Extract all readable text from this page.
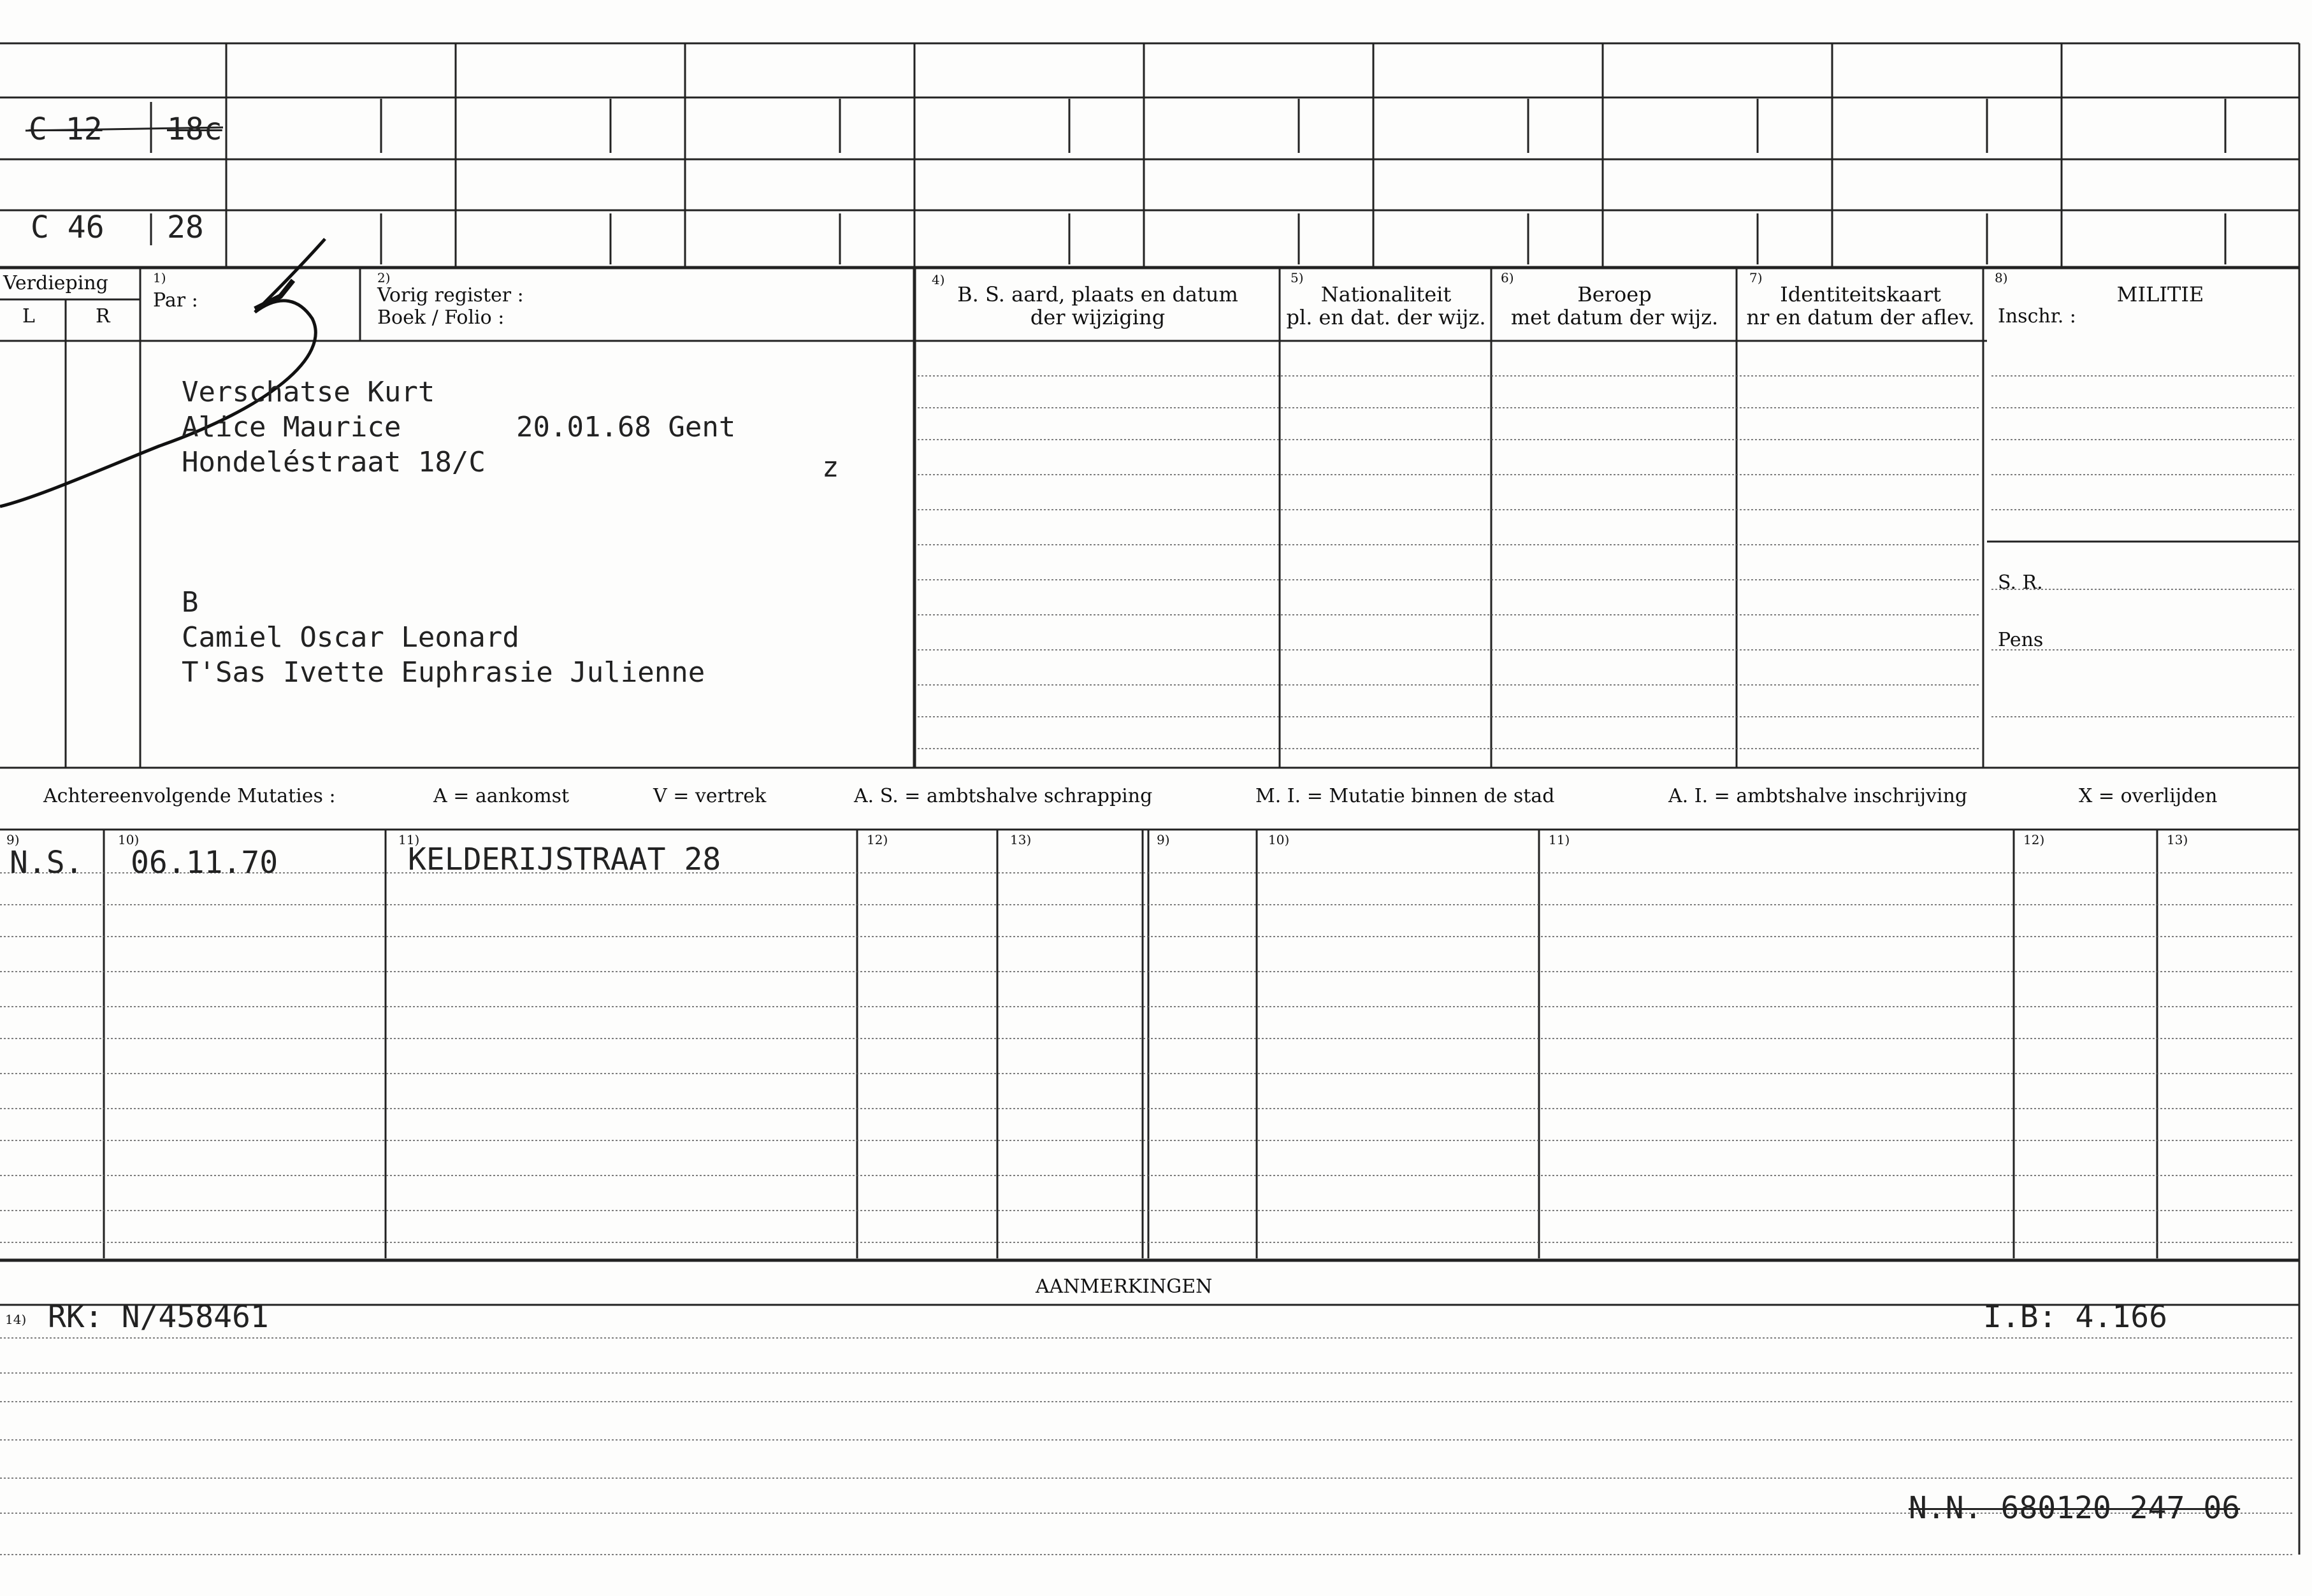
C 12 18c
C 46 28
Verdieping
L	R
1)
Par :
2)
Vorig register :
Boek / Folio :
4)
B. S. aard, plaats en datum
der wijziging
5)
Nationaliteit
pl. en dat. der wijz.
6)
Beroep
met datum der wijz.
7)
Identiteitskaart
nr en datum der aflev.
8)
MILITIE
Inschr. :
S. R.
Pens
Verschatse Kurt
Alice Maurice	20.01.68 Gent
Hondeléstraat 18/C	z
B
Camiel Oscar Leonard
T'Sas Ivette Euphrasie Julienne
Achtereenvolgende Mutaties :	A = aankomst	V = vertrek	A. S. = ambtshalve schrapping	M. I. = Mutatie binnen de stad	A. I. = ambtshalve inschrijving	X = overlijden
9)	10)	11)	12)	13)	9)	10)	11)	12)	13)
N.S. 06.11.70	KELDERIJSTRAAT 28
AANMERKINGEN
14) RK: N/458461	I.B: 4.166
N.N. 680120 247 06
